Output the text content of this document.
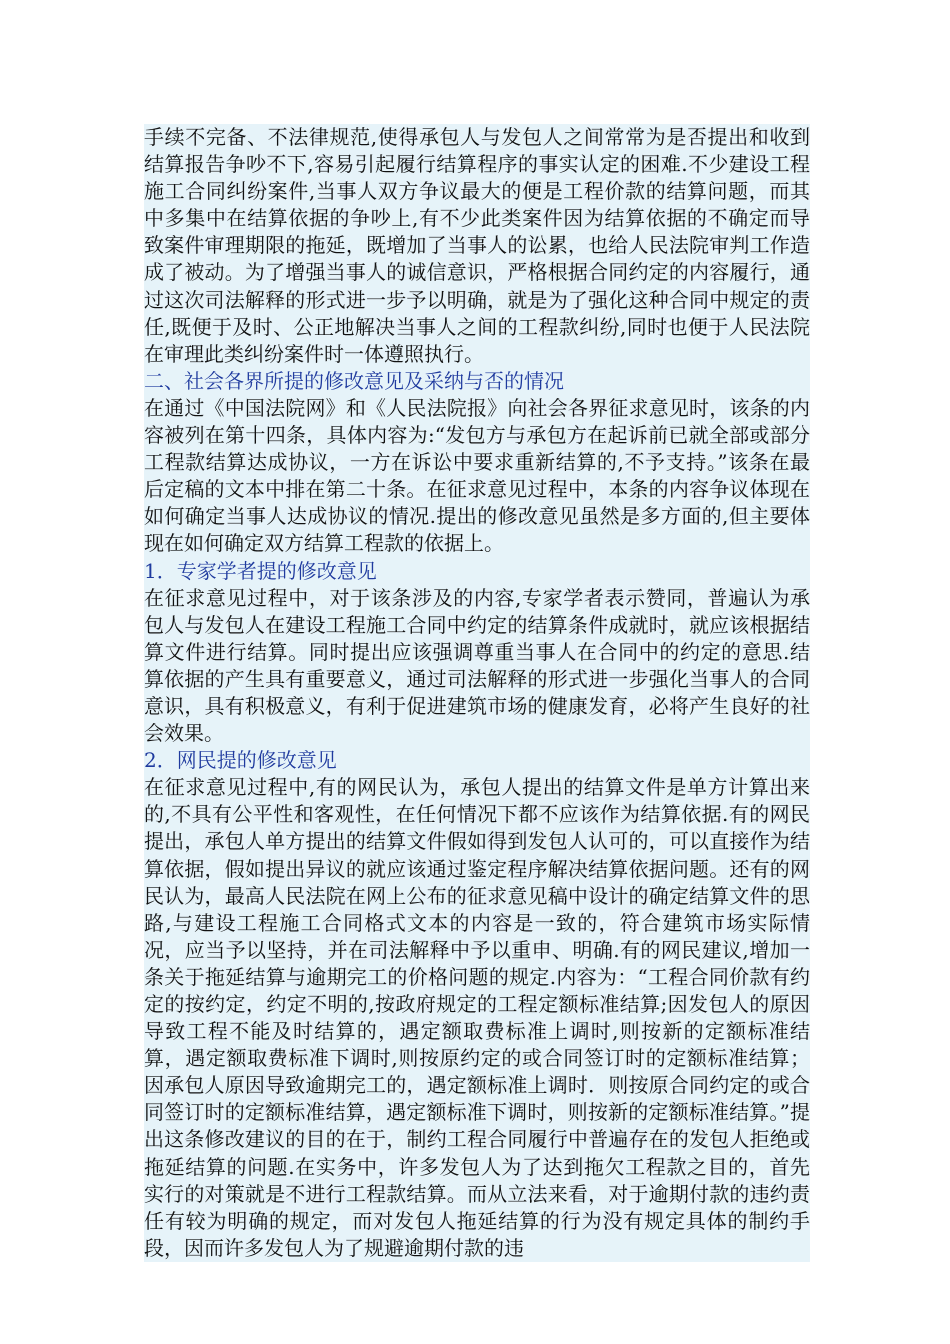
手续不完备、不法律规范,使得承包人与发包人之间常常为是否提出和收到结算报告争吵不下,容易引起履行结算程序的事实认定的困难.不少建设工程施工合同纠纷案件,当事人双方争议最大的便是工程价款的结算问题，而其中多集中在结算依据的争吵上,有不少此类案件因为结算依据的不确定而导致案件审理期限的拖延，既增加了当事人的讼累，也给人民法院审判工作造成了被动。为了增强当事人的诚信意识，严格根据合同约定的内容履行，通过这次司法解释的形式进一步予以明确，就是为了强化这种合同中规定的责任,既便于及时、公正地解决当事人之间的工程款纠纷,同时也便于人民法院在审理此类纠纷案件时一体遵照执行。

二、社会各界所提的修改意见及采纳与否的情况

在通过《中国法院网》和《人民法院报》向社会各界征求意见时，该条的内容被列在第十四条，具体内容为:“发包方与承包方在起诉前已就全部或部分工程款结算达成协议，一方在诉讼中要求重新结算的,不予支持。”该条在最后定稿的文本中排在第二十条。在征求意见过程中，本条的内容争议体现在如何确定当事人达成协议的情况.提出的修改意见虽然是多方面的,但主要体现在如何确定双方结算工程款的依据上。

1．专家学者提的修改意见

在征求意见过程中，对于该条涉及的内容,专家学者表示赞同，普遍认为承包人与发包人在建设工程施工合同中约定的结算条件成就时，就应该根据结算文件进行结算。同时提出应该强调尊重当事人在合同中的约定的意思.结算依据的产生具有重要意义，通过司法解释的形式进一步强化当事人的合同意识，具有积极意义，有利于促进建筑市场的健康发育，必将产生良好的社会效果。

2．网民提的修改意见

在征求意见过程中,有的网民认为，承包人提出的结算文件是单方计算出来的,不具有公平性和客观性，在任何情况下都不应该作为结算依据.有的网民提出，承包人单方提出的结算文件假如得到发包人认可的，可以直接作为结算依据，假如提出异议的就应该通过鉴定程序解决结算依据问题。还有的网民认为，最高人民法院在网上公布的征求意见稿中设计的确定结算文件的思路,与建设工程施工合同格式文本的内容是一致的，符合建筑市场实际情况，应当予以坚持，并在司法解释中予以重申、明确.有的网民建议,增加一条关于拖延结算与逾期完工的价格问题的规定.内容为：“工程合同价款有约定的按约定，约定不明的,按政府规定的工程定额标准结算;因发包人的原因导致工程不能及时结算的，遇定额取费标准上调时,则按新的定额标准结算，遇定额取费标准下调时,则按原约定的或合同签订时的定额标准结算；因承包人原因导致逾期完工的，遇定额标准上调时．则按原合同约定的或合同签订时的定额标准结算，遇定额标准下调时，则按新的定额标准结算。”提出这条修改建议的目的在于，制约工程合同履行中普遍存在的发包人拒绝或拖延结算的问题.在实务中，许多发包人为了达到拖欠工程款之目的，首先实行的对策就是不进行工程款结算。而从立法来看，对于逾期付款的违约责任有较为明确的规定，而对发包人拖延结算的行为没有规定具体的制约手段，因而许多发包人为了规避逾期付款的违
